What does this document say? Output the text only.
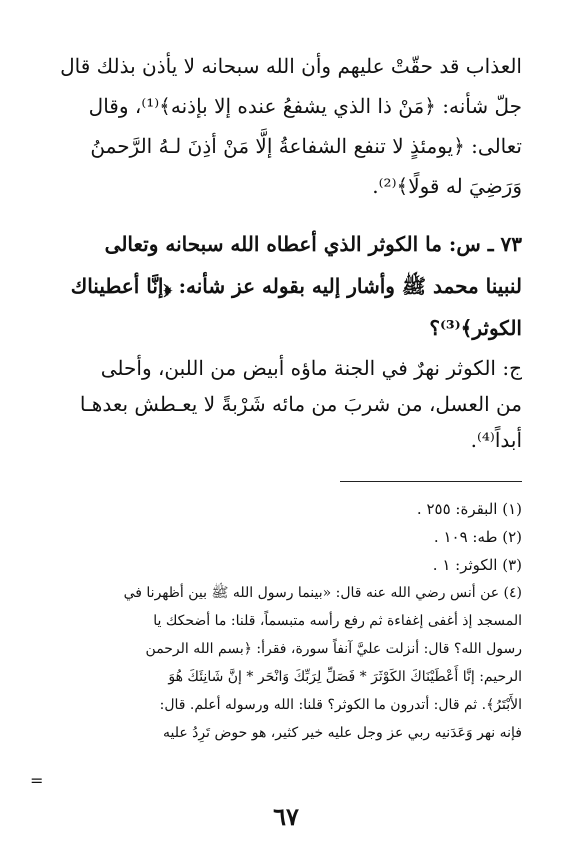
العذاب قد حقّتْ عليهم وأن الله سبحانه لا يأذن بذلك قال
جلّ شأنه: ﴿مَنْ ذا الذي يشفعُ عنده إلا بإذنه﴾⁽¹⁾، وقال
تعالى: ﴿يومئذٍ لا تنفع الشفاعةُ إلَّا مَنْ أذِنَ لـهُ الرَّحمنُ
وَرَضِيَ له قولًا﴾⁽²⁾.
٧٣ ـ س: ما الكوثر الذي أعطاه الله سبحانه وتعالى
لنبينا محمد ﷺ وأشار إليه بقوله عز شأنه: ﴿إنَّا أعطيناك
الكوثر﴾⁽³⁾؟
ج: الكوثر نهرٌ في الجنة ماؤه أبيض من اللبن، وأحلى
من العسل، من شربَ من مائه شَرْبةً لا يعـطش بعدهـا
أبداً⁽⁴⁾.
(١) البقرة: ٢٥٥ .
(٢) طه: ١٠٩ .
(٣) الكوثر: ١ .
(٤) عن أنس رضي الله عنه قال: «بينما رسول الله ﷺ بين أظهرنا في
المسجد إذ أغفى إغفاءة ثم رفع رأسه متبسماً، قلنا: ما أضحكك يا
رسول الله؟ قال: أنزلت عليَّ آنفاً سورة، فقرأ: ﴿بسم الله الرحمن
الرحيم: إنَّا أَعْطَيْنَاكَ الكَوْثَرَ * فَصَلِّ لِرَبِّكَ وَانْحَر * إنَّ شَانِئَكَ هُوَ
الأَبْتَرُ﴾. ثم قال: أتدرون ما الكوثر؟ قلنا: الله ورسوله أعلم. قال:
فإنه نهر وَعَدَنيه ربي عز وجل عليه خير كثير، هو حوض تَرِدُ عليه
=
٦٧
